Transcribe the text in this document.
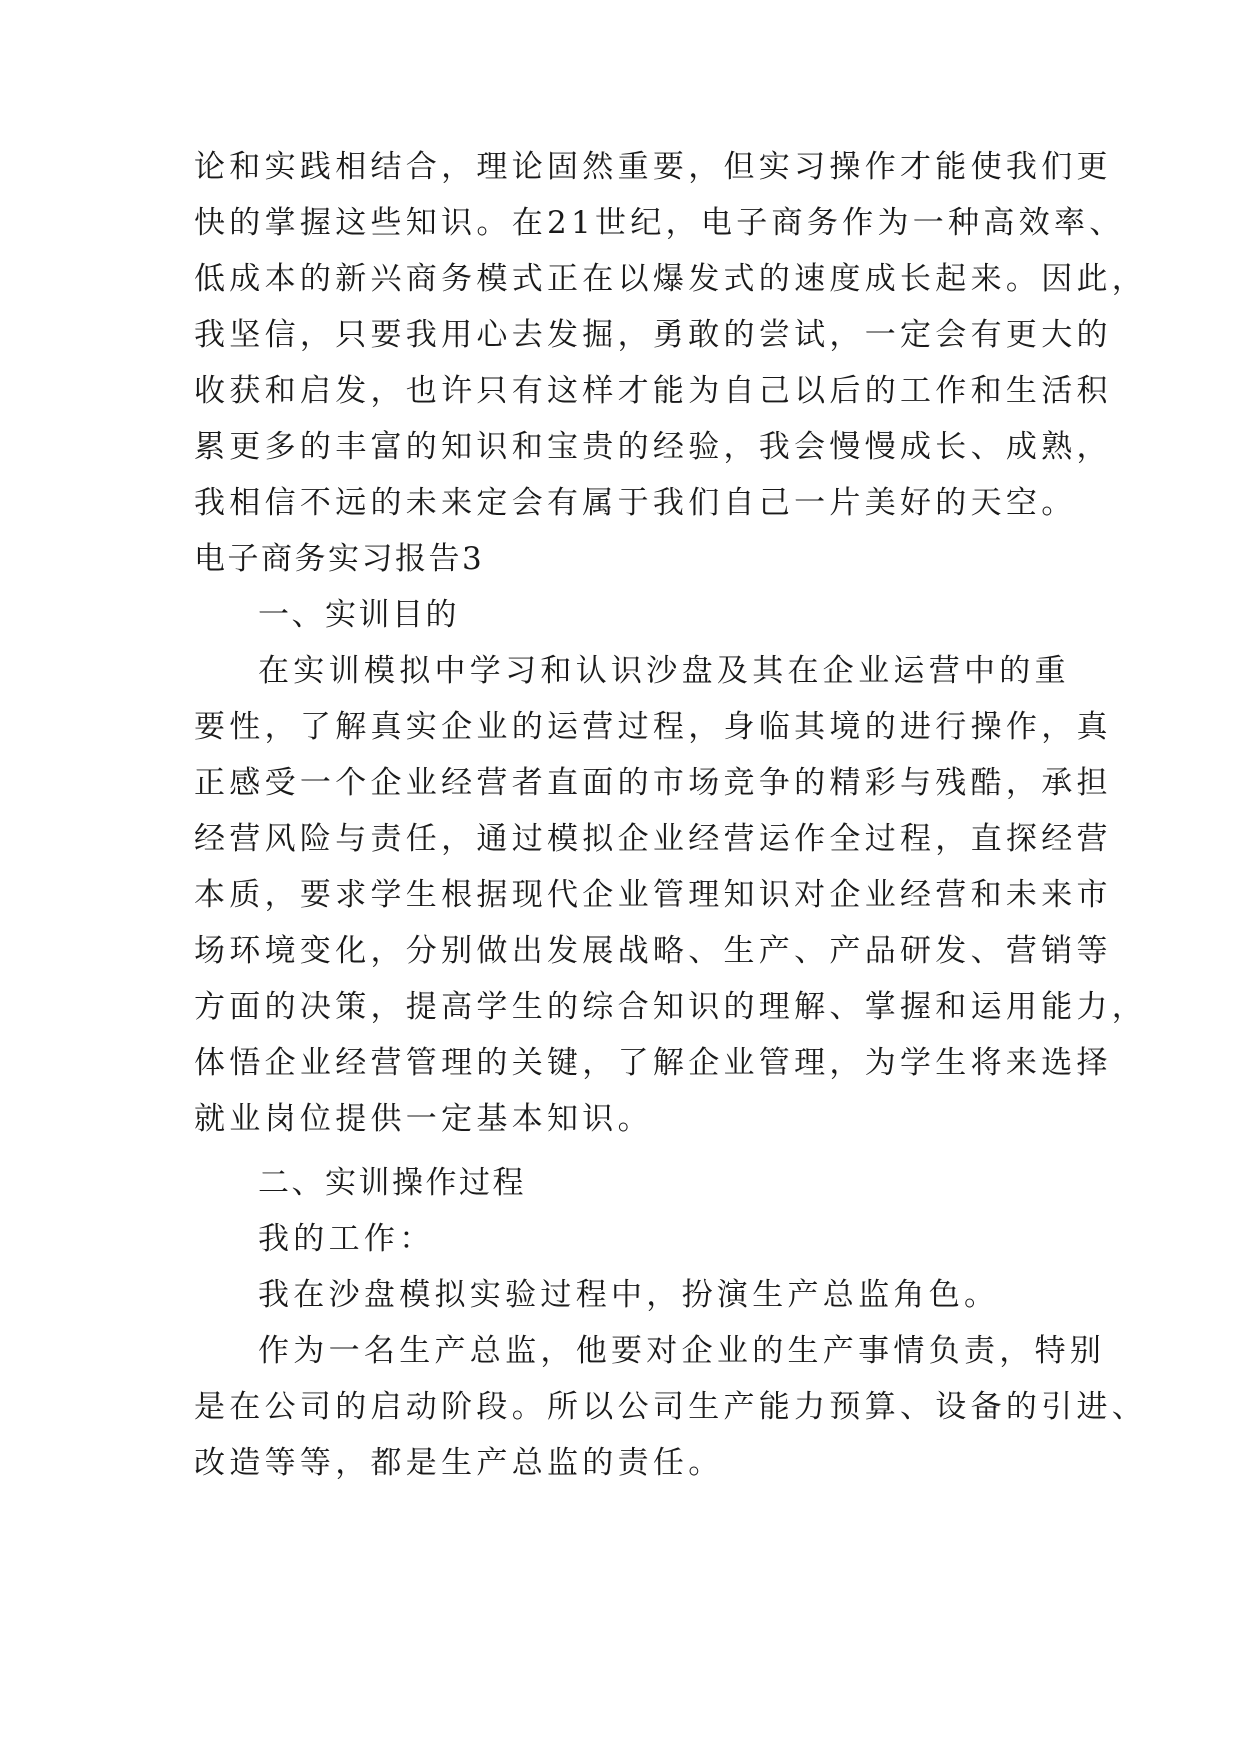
论和实践相结合，理论固然重要，但实习操作才能使我们更

快的掌握这些知识。在21世纪，电子商务作为一种高效率、

低成本的新兴商务模式正在以爆发式的速度成长起来。因此，

我坚信，只要我用心去发掘，勇敢的尝试，一定会有更大的

收获和启发，也许只有这样才能为自己以后的工作和生活积

累更多的丰富的知识和宝贵的经验，我会慢慢成长、成熟，

我相信不远的未来定会有属于我们自己一片美好的天空。

电子商务实习报告3

一、实训目的

在实训模拟中学习和认识沙盘及其在企业运营中的重

要性，了解真实企业的运营过程，身临其境的进行操作，真

正感受一个企业经营者直面的市场竞争的精彩与残酷，承担

经营风险与责任，通过模拟企业经营运作全过程，直探经营

本质，要求学生根据现代企业管理知识对企业经营和未来市

场环境变化，分别做出发展战略、生产、产品研发、营销等

方面的决策，提高学生的综合知识的理解、掌握和运用能力，

体悟企业经营管理的关键，了解企业管理，为学生将来选择

就业岗位提供一定基本知识。

二、实训操作过程

我的工作：

我在沙盘模拟实验过程中，扮演生产总监角色。

作为一名生产总监，他要对企业的生产事情负责，特别

是在公司的启动阶段。所以公司生产能力预算、设备的引进、

改造等等，都是生产总监的责任。
